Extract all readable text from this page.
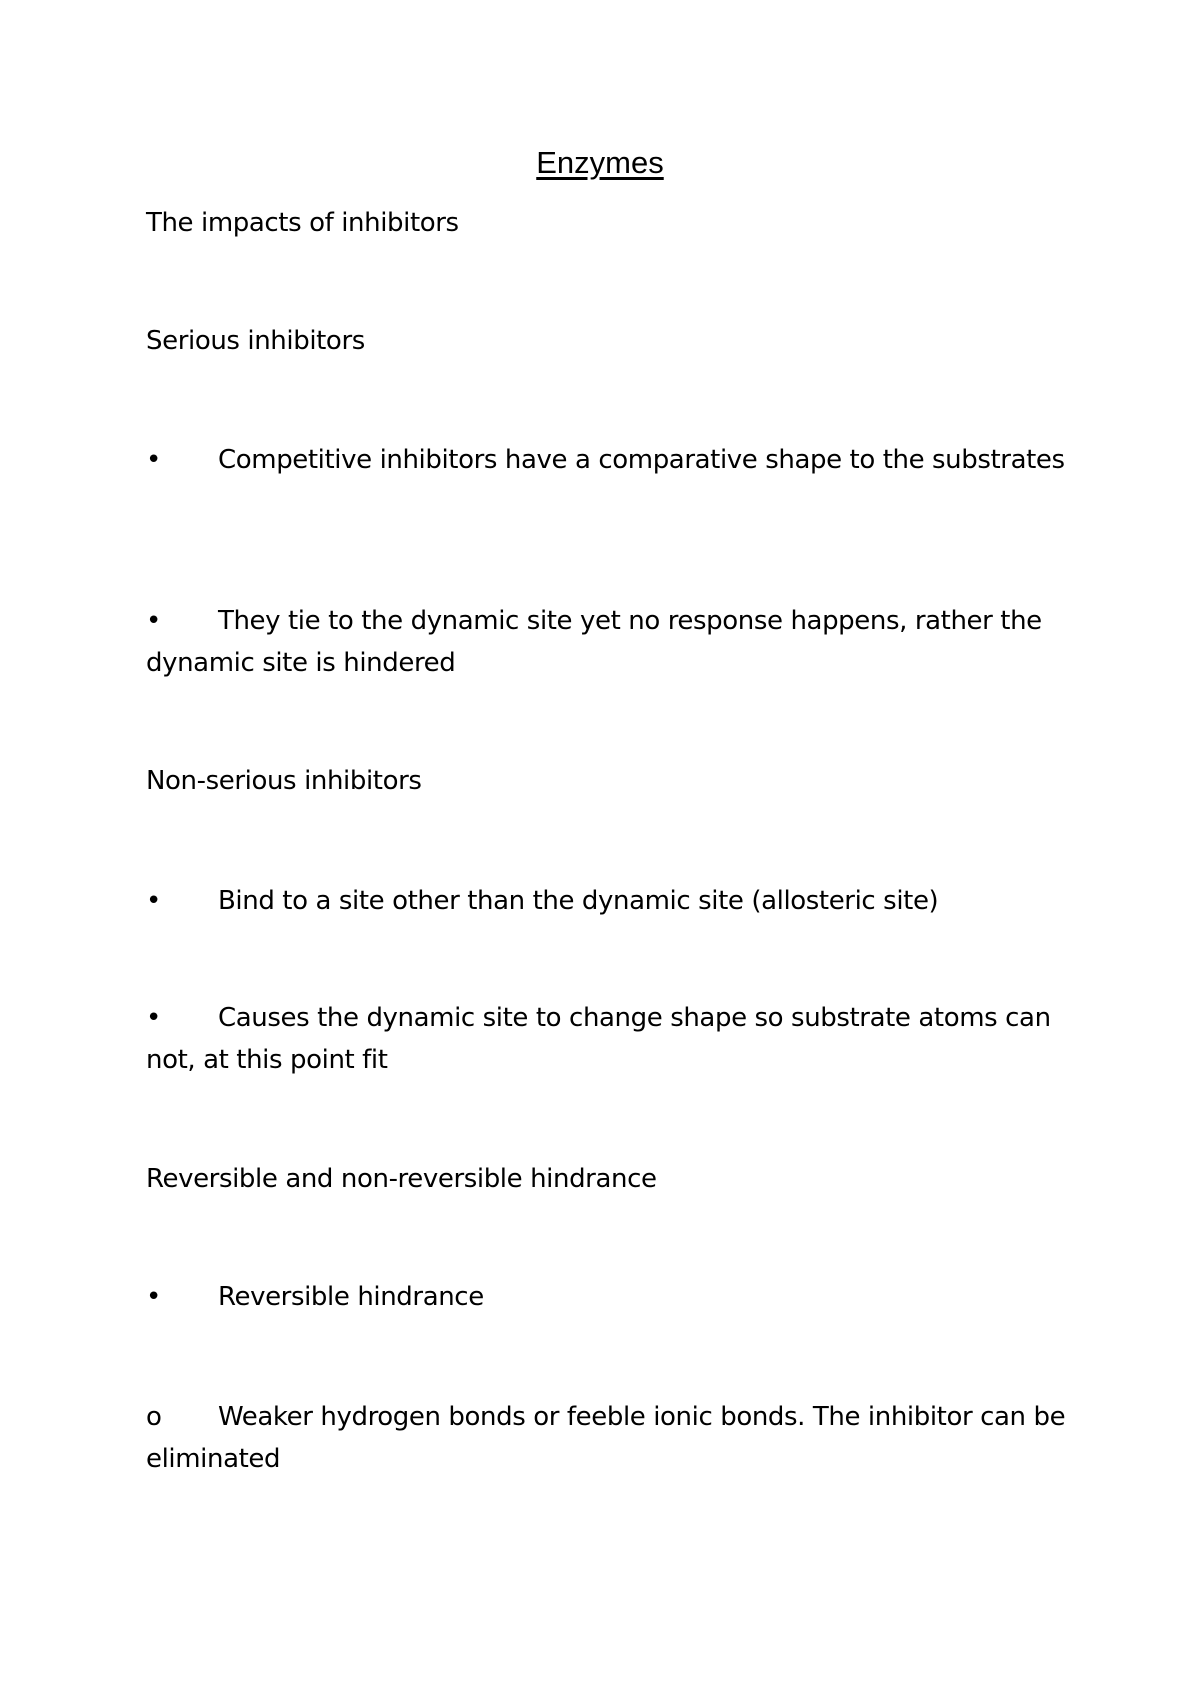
Enzymes
The impacts of inhibitors
Serious inhibitors
• Competitive inhibitors have a comparative shape to the substrates
• They tie to the dynamic site yet no response happens, rather the dynamic site is hindered
Non-serious inhibitors
• Bind to a site other than the dynamic site (allosteric site)
• Causes the dynamic site to change shape so substrate atoms can not, at this point fit
Reversible and non-reversible hindrance
• Reversible hindrance
o Weaker hydrogen bonds or feeble ionic bonds. The inhibitor can be eliminated
